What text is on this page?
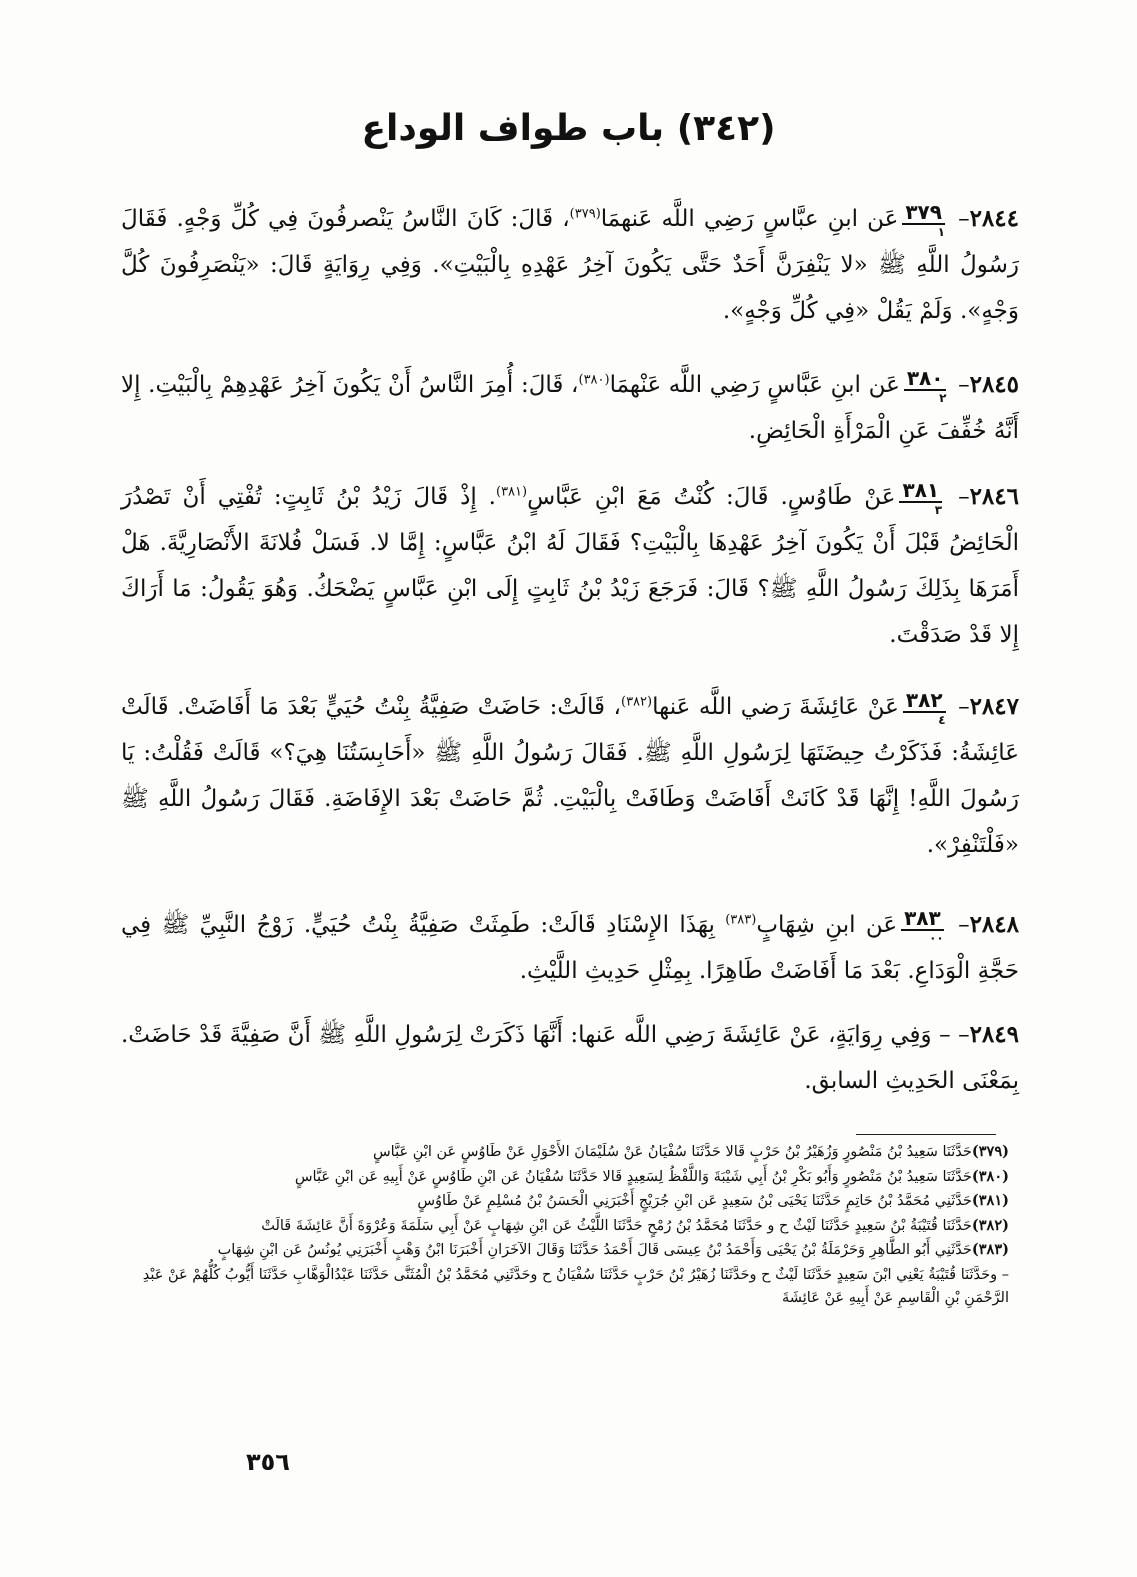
(٣٤٢) باب طواف الوداع

٢٨٤٤–
٣٧٩
١
عَن ابنِ عبَّاسٍ رَضِي اللَّه عَنهمَا$^{(٣٧٩)}$، قَالَ: كَانَ النَّاسُ يَنْصرفُونَ فِي كُلِّ وَجْهٍ. فَقَالَ رَسُولُ اللَّهِ ﷺ «لا يَنْفِرَنَّ أَحَدٌ حَتَّى يَكُونَ آخِرُ عَهْدِهِ بِالْبَيْتِ». وَفِي رِوَايَةٍ قَالَ: «يَنْصَرِفُونَ كُلَّ وَجْهٍ». وَلَمْ يَقُلْ «فِي كُلِّ وَجْهٍ».

٢٨٤٥–
٣٨٠
٢
عَن ابنِ عَبَّاسٍ رَضِي اللَّه عَنْهمَا$^{(٣٨٠)}$، قَالَ: أُمِرَ النَّاسُ أَنْ يَكُونَ آخِرُ عَهْدِهِمْ بِالْبَيْتِ. إِلا أَنَّهُ خُفِّفَ عَنِ الْمَرْأَةِ الْحَائِضِ.

٢٨٤٦–
٣٨١
٣
عَنْ طَاوُسٍ. قَالَ: كُنْتُ مَعَ ابْنِ عَبَّاسٍ$^{(٣٨١)}$. إِذْ قَالَ زَيْدُ بْنُ ثَابِتٍ: تُفْتِي أَنْ تَصْدُرَ الْحَائِضُ قَبْلَ أَنْ يَكُونَ آخِرُ عَهْدِهَا بِالْبَيْتِ؟ فَقَالَ لَهُ ابْنُ عَبَّاسٍ: إِمَّا لا. فَسَلْ فُلانَةَ الأَنْصَارِيَّةَ. هَلْ أَمَرَهَا بِذَلِكَ رَسُولُ اللَّهِ ﷺ؟ قَالَ: فَرَجَعَ زَيْدُ بْنُ ثَابِتٍ إِلَى ابْنِ عَبَّاسٍ يَضْحَكُ. وَهُوَ يَقُولُ: مَا أَرَاكَ إِلا قَدْ صَدَقْتَ.

٢٨٤٧–
٣٨٢
٤
عَنْ عَائِشَةَ رَضي اللَّه عَنها$^{(٣٨٢)}$، قَالَتْ: حَاضَتْ صَفِيَّةُ بِنْتُ حُيَيٍّ بَعْدَ مَا أَفَاضَتْ. قَالَتْ عَائِشَةُ: فَذَكَرْتُ حِيضَتَهَا لِرَسُولِ اللَّهِ ﷺ. فَقَالَ رَسُولُ اللَّهِ ﷺ «أَحَابِسَتُنَا هِيَ؟» قَالَتْ فَقُلْتُ: يَا رَسُولَ اللَّهِ! إِنَّهَا قَدْ كَانَتْ أَفَاضَتْ وَطَافَتْ بِالْبَيْتِ. ثُمَّ حَاضَتْ بَعْدَ الإِفَاضَةِ. فَقَالَ رَسُولُ اللَّهِ ﷺ «فَلْتَنْفِرْ».

٢٨٤٨–
٣٨٣
٠٠
عَن ابنِ شِهَابٍ$^{(٣٨٣)}$ بِهَذَا الإِسْنَادِ قَالَتْ: طَمِثَتْ صَفِيَّةُ بِنْتُ حُيَيٍّ. زَوْجُ النَّبِيِّ ﷺ فِي حَجَّةِ الْوَدَاعِ. بَعْدَ مَا أَفَاضَتْ طَاهِرًا. بِمِثْلِ حَدِيثِ اللَّيْثِ.

٢٨٤٩– – وَفِي رِوَايَةٍ، عَنْ عَائِشَةَ رَضِي اللَّه عَنها: أَنَّهَا ذَكَرَتْ لِرَسُولِ اللَّهِ ﷺ أَنَّ صَفِيَّةَ قَدْ حَاضَتْ. بِمَعْنَى الحَدِيثِ السابق.

(٣٧٩)حَدَّثَنَا سَعِيدُ بْنُ مَنْصُورٍ وَزُهَيْرُ بْنُ حَرْبٍ قَالا حَدَّثَنَا سُفْيَانُ عَنْ سُلَيْمَانَ الأَحْوَلِ عَنْ طَاوُسٍ عَن ابْنِ عَبَّاسٍ

(٣٨٠)حَدَّثَنَا سَعِيدُ بْنُ مَنْصُورٍ وَأَبُو بَكْرِ بْنُ أَبِي شَيْبَةَ وَاللَّفْظُ لِسَعِيدٍ قَالا حَدَّثَنَا سُفْيَانُ عَن ابْنِ طَاوُسٍ عَنْ أَبِيهِ عَن ابْنِ عَبَّاسٍ

(٣٨١)حَدَّثَنِي مُحَمَّدُ بْنُ حَاتِمٍ حَدَّثَنَا يَحْيَى بْنُ سَعِيدٍ عَن ابْنِ جُرَيْجٍ أَخْبَرَنِي الْحَسَنُ بْنُ مُسْلِمٍ عَنْ طَاوُسٍ

(٣٨٢)حَدَّثَنَا قُتَيْبَةُ بْنُ سَعِيدٍ حَدَّثَنَا لَيْثٌ ح و حَدَّثَنَا مُحَمَّدُ بْنُ رُمْحٍ حَدَّثَنَا اللَّيْثُ عَن ابْنِ شِهَابٍ عَنْ أَبِي سَلَمَةَ وَعُرْوَةَ أَنَّ عَائِشَةَ قَالَتْ

(٣٨٣)حَدَّثَنِي أَبُو الطَّاهِرِ وَحَرْمَلَةُ بْنُ يَحْيَى وَأَحْمَدُ بْنُ عِيسَى قَالَ أَحْمَدُ حَدَّثَنَا وَقَالَ الآخَرَانِ أَخْبَرَنَا ابْنُ وَهْبٍ أَخْبَرَنِي يُونُسُ عَن ابْنِ شِهَابٍ

– وحَدَّثَنَا قُتَيْبَةُ يَعْنِي ابْنَ سَعِيدٍ حَدَّثَنَا لَيْثٌ ح وحَدَّثَنَا زُهَيْرُ بْنُ حَرْبٍ حَدَّثَنَا سُفْيَانُ ح وحَدَّثَنِي مُحَمَّدُ بْنُ الْمُثَنَّى حَدَّثَنَا عَبْدُالْوَهَّابِ حَدَّثَنَا أَيُّوبُ كُلُّهُمْ عَنْ عَبْدِ الرَّحْمَنِ بْنِ الْقَاسِمِ عَنْ أَبِيهِ عَنْ عَائِشَةَ

٣٥٦
